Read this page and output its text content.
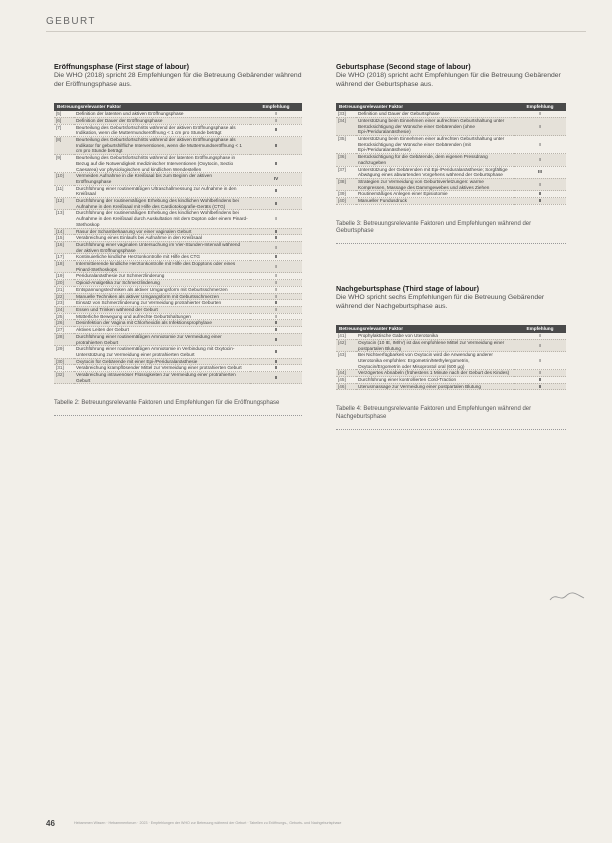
GEBURT
Eröffnungsphase (First stage of labour)
Die WHO (2018) spricht 28 Empfehlungen für die Betreuung Gebärender während der Eröffnungsphase aus.
Betreuungsrelevanter Faktor		Empfehlung
[5]	Definition der latenten und aktiven Eröffnungsphase	I
[6]	Definition der Dauer der Eröffnungsphase	I
[7]	Beurteilung des Geburtsfortschritts während der aktiven Eröffnungsphase als Indikation, wenn die Muttermundseröffnung < 1 cm pro Stunde beträgt	II
[8]	Beurteilung des Geburtsfortschritts während der aktiven Eröffnungsphase als Indikator für geburtshilfliche Interventionen, wenn die Muttermundseröffnung < 1 cm pro Stunde beträgt	II
[9]	Beurteilung des Geburtsfortschritts während der latenten Eröffnungsphase in Bezug auf die Notwendigkeit medizinischer Interventionen (Oxytocin, Sectio Caesarea) vor physiologischen und kindlichen Wendestellen	II
[10]	Vermeiden Aufnahme in die Kreißsaal bis zum Beginn der aktiven Eröffnungsphase	IV
[11]	Durchführung einer routinemäßigen Ultraschallmessung zur Aufnahme in den Kreißsaal	II
[12]	Durchführung der routinemäßigen Erhebung des kindlichen Wohlbefindens bei Aufnahme in den Kreißsaal mit Hilfe des Cardiotokografie-Geräts (CTG)	II
[13]	Durchführung der routinemäßigen Erhebung des kindlichen Wohlbefindens bei Aufnahme in den Kreißsaal durch Auskultation mit dem Dopton oder einem Pinard-Stethoskop	I
[14]	Rasur der Schambehaarung vor einer vaginalen Geburt	II
[15]	Verabreichung eines Einlaufs bei Aufnahme in den Kreißsaal	II
[16]	Durchführung einer vaginalen Untersuchung im Vier-Stunden-Intervall während der aktiven Eröffnungsphase	I
[17]	Kontinuierliche kindliche Herztonkontrolle mit Hilfe des CTG	II
[18]	Intermittierende kindliche Herztonkontrolle mit Hilfe des Dopptons oder eines Pinard-Stethoskops	I
[19]	Periduralanästhesie zur Schmerzlinderung	I
[20]	Opioid-Analgetika zur Schmerzlinderung	I
[21]	Entspannungstechniken als aktiver Umgangsform mit Geburtsschmerzen	I
[22]	Manuelle Techniken als aktiver Umgangsform mit Geburtsschmerzen	I
[23]	Einsatz von Schmerzlinderung zur Vermeidung protrahierter Geburten	II
[24]	Essen und Trinken während der Geburt	I
[25]	Mütterliche Bewegung und aufrechte Geburtshaltungen	I
[26]	Desinfektion der Vagina mit Chlorhexidin als Infektionsprophylaxe	II
[27]	Aktives Leiten der Geburt	II
[28]	Durchführung einer routinemäßigen Amniotomie zur Vermeidung einer protrahierten Geburt	II
[29]	Durchführung einer routinemäßigen Amniotomie in Verbindung mit Oxytocin-Unterstützung zur Vermeidung einer protrahierten Geburt	II
[30]	Oxytocin für Gebärende mit einer Epi-/Periduralanästhesie	II
[31]	Verabreichung krampflösender Mittel zur Vermeidung einer protrahierten Geburt	II
[32]	Verabreichung intravenöser Flüssigkeiten zur Vermeidung einer protrahierten Geburt	II
Tabelle 2: Betreuungsrelevante Faktoren und Empfehlungen für die Eröffnungsphase
Geburtsphase (Second stage of labour)
Die WHO (2018) spricht acht Empfehlungen für die Betreuung Gebärender während der Geburtsphase aus.
Betreuungsrelevanter Faktor		Empfehlung
[33]	Definition und Dauer der Geburtsphase	I
[34]	Unterstützung beim Einnehmen einer aufrechten Geburtshaltung unter Berücksichtigung der Wünsche einer Gebärenden (ohne Epi-/Periduralanästhesie)	I
[35]	Unterstützung beim Einnehmen einer aufrechten Geburtshaltung unter Berücksichtigung der Wünsche einer Gebärenden (mit Epi-/Periduralanästhesie)	I
[36]	Berücksichtigung für die Gebärende, dem eigenen Pressdrang nachzugeben	I
[37]	Unterstützung der Gebärenden mit Epi-/Periduralanästhesie; Sorgfältige Abwägung eines abwartenden Vorgehens während der Geburtsphase	III
[38]	Strategien zur Vermeidung von Geburtsverletzungen: warme Kompressen, Massage des Dammgewebes und aktives Ziehen	I
[39]	Routinemäßiges Anlegen einer Episiotomie	II
[40]	Manueller Fundusdruck	II
Tabelle 3: Betreuungsrelevante Faktoren und Empfehlungen während der Geburtsphase
Nachgeburtsphase (Third stage of labour)
Die WHO spricht sechs Empfehlungen für die Betreuung Gebärender während der Nachgeburtsphase aus.
Betreuungsrelevanter Faktor		Empfehlung
[41]	Prophylaktische Gabe von Uterotonika	I
[42]	Oxytocin (10 IE, IM/IV) ist das empfohlene Mittel zur Vermeidung einer postpartalen Blutung	I
[43]	Bei Nichtverfügbarkeit von Oxytocin wird die Anwendung anderer Uterotonika empfohlen: Ergometrin/Methylergometrin, Oxytocin/Ergometrin oder Misoprostol oral (600 µg)	I
[44]	Verzögertes Abnabeln (frühestens 1 Minute nach der Geburt des Kindes)	I
[45]	Durchführung einer kontrollierten Cord-Traction	II
[46]	Uterusmassage zur Vermeidung einer postpartalen Blutung	II
Tabelle 4: Betreuungsrelevante Faktoren und Empfehlungen während der Nachgeburtsphase
46	Hebammen Wissen · Hebammenforum · 2023 · Empfehlungen der WHO zur Betreuung während der Geburt · Tabellen zu Eröffnungs-, Geburts- und Nachgeburtsphase
